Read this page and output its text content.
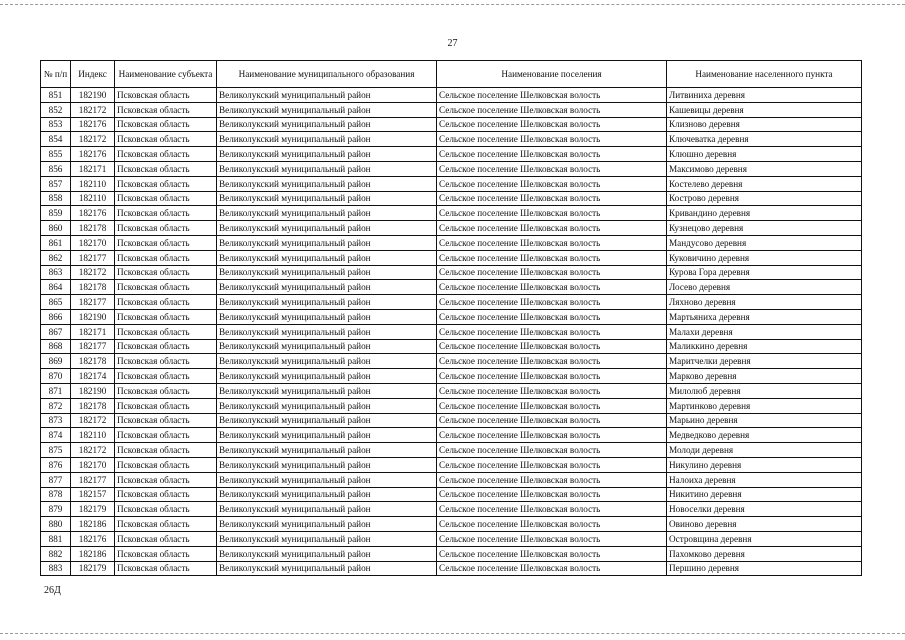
27
№ п/п	Индекс	Наименование субъекта	Наименование муниципального образования	Наименование поселения	Наименование населенного пункта
851	182190	Псковская область	Великолукский муниципальный район	Сельское поселение Шелковская волость	Литвиниха деревня
852	182172	Псковская область	Великолукский муниципальный район	Сельское поселение Шелковская волость	Кашевицы деревня
853	182176	Псковская область	Великолукский муниципальный район	Сельское поселение Шелковская волость	Клизново деревня
854	182172	Псковская область	Великолукский муниципальный район	Сельское поселение Шелковская волость	Ключеватка деревня
855	182176	Псковская область	Великолукский муниципальный район	Сельское поселение Шелковская волость	Клюшно деревня
856	182171	Псковская область	Великолукский муниципальный район	Сельское поселение Шелковская волость	Максимово деревня
857	182110	Псковская область	Великолукский муниципальный район	Сельское поселение Шелковская волость	Костелево деревня
858	182110	Псковская область	Великолукский муниципальный район	Сельское поселение Шелковская волость	Кострово деревня
859	182176	Псковская область	Великолукский муниципальный район	Сельское поселение Шелковская волость	Кривандино деревня
860	182178	Псковская область	Великолукский муниципальный район	Сельское поселение Шелковская волость	Кузнецово деревня
861	182170	Псковская область	Великолукский муниципальный район	Сельское поселение Шелковская волость	Мандусово деревня
862	182177	Псковская область	Великолукский муниципальный район	Сельское поселение Шелковская волость	Куковичино деревня
863	182172	Псковская область	Великолукский муниципальный район	Сельское поселение Шелковская волость	Курова Гора деревня
864	182178	Псковская область	Великолукский муниципальный район	Сельское поселение Шелковская волость	Лосево деревня
865	182177	Псковская область	Великолукский муниципальный район	Сельское поселение Шелковская волость	Ляхново деревня
866	182190	Псковская область	Великолукский муниципальный район	Сельское поселение Шелковская волость	Мартьяниха деревня
867	182171	Псковская область	Великолукский муниципальный район	Сельское поселение Шелковская волость	Малахи деревня
868	182177	Псковская область	Великолукский муниципальный район	Сельское поселение Шелковская волость	Маликкино деревня
869	182178	Псковская область	Великолукский муниципальный район	Сельское поселение Шелковская волость	Маритчелки деревня
870	182174	Псковская область	Великолукский муниципальный район	Сельское поселение Шелковская волость	Марково деревня
871	182190	Псковская область	Великолукский муниципальный район	Сельское поселение Шелковская волость	Милолюб деревня
872	182178	Псковская область	Великолукский муниципальный район	Сельское поселение Шелковская волость	Мартинково деревня
873	182172	Псковская область	Великолукский муниципальный район	Сельское поселение Шелковская волость	Марьино деревня
874	182110	Псковская область	Великолукский муниципальный район	Сельское поселение Шелковская волость	Медведково деревня
875	182172	Псковская область	Великолукский муниципальный район	Сельское поселение Шелковская волость	Молоди деревня
876	182170	Псковская область	Великолукский муниципальный район	Сельское поселение Шелковская волость	Никулино деревня
877	182177	Псковская область	Великолукский муниципальный район	Сельское поселение Шелковская волость	Налоиха деревня
878	182157	Псковская область	Великолукский муниципальный район	Сельское поселение Шелковская волость	Никитино деревня
879	182179	Псковская область	Великолукский муниципальный район	Сельское поселение Шелковская волость	Новоселки деревня
880	182186	Псковская область	Великолукский муниципальный район	Сельское поселение Шелковская волость	Овиново деревня
881	182176	Псковская область	Великолукский муниципальный район	Сельское поселение Шелковская волость	Островщина деревня
882	182186	Псковская область	Великолукский муниципальный район	Сельское поселение Шелковская волость	Пахомково деревня
883	182179	Псковская область	Великолукский муниципальный район	Сельское поселение Шелковская волость	Першино деревня
26Д
